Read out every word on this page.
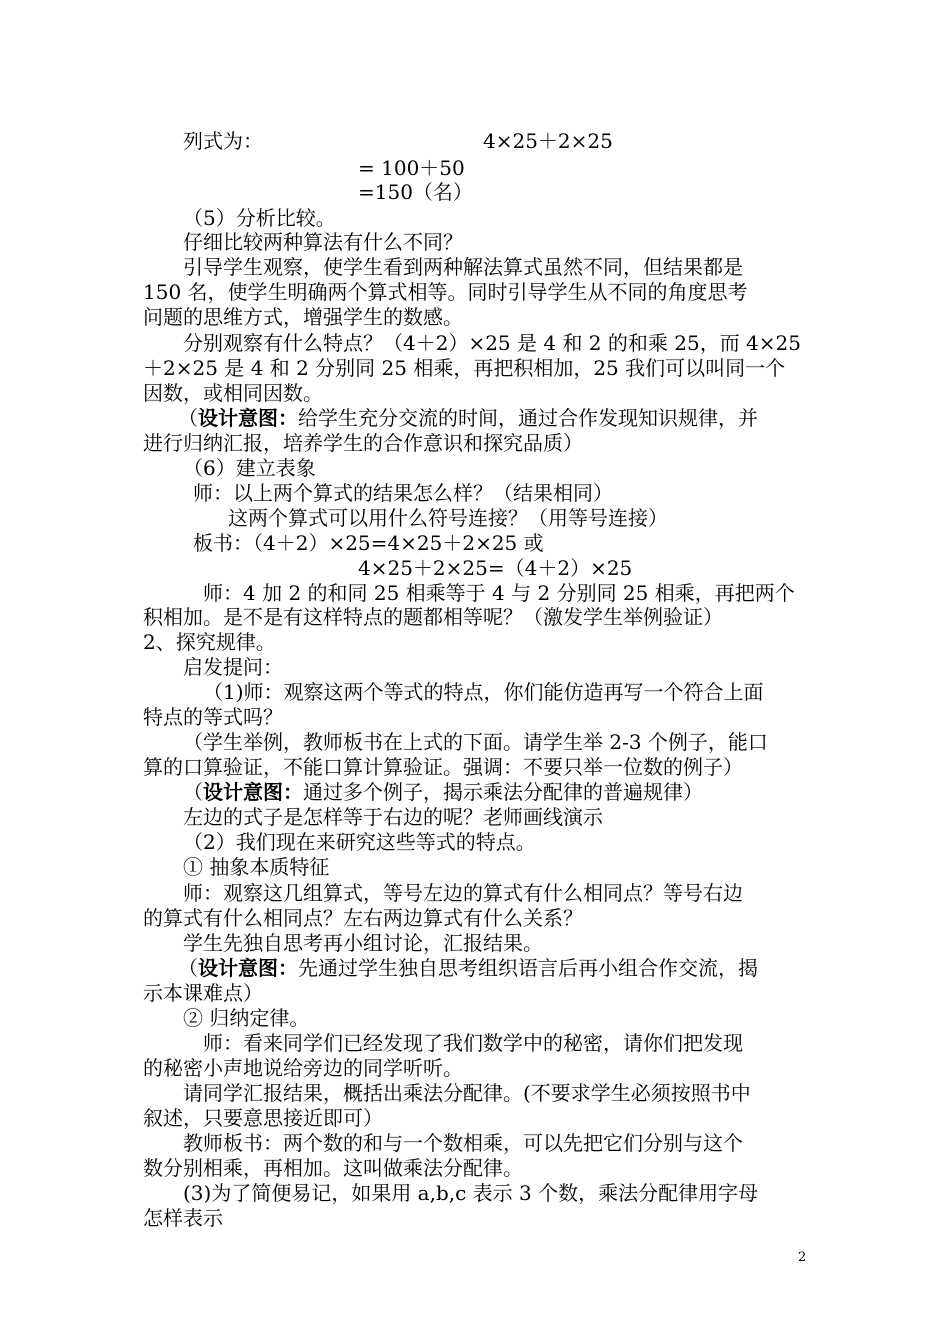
列式为：	4×25＋2×25
= 100＋50
=150（名）
（5）分析比较。
仔细比较两种算法有什么不同？
引导学生观察，使学生看到两种解法算式虽然不同，但结果都是
150 名，使学生明确两个算式相等。同时引导学生从不同的角度思考
问题的思维方式，增强学生的数感。
分别观察有什么特点？（4＋2）×25 是 4 和 2 的和乘 25，而 4×25
＋2×25 是 4 和 2 分别同 25 相乘，再把积相加，25 我们可以叫同一个
因数，或相同因数。
（设计意图：给学生充分交流的时间，通过合作发现知识规律，并
进行归纳汇报，培养学生的合作意识和探究品质）
（6）建立表象
师：以上两个算式的结果怎么样？（结果相同）
这两个算式可以用什么符号连接？（用等号连接）
板书：（4＋2）×25=4×25＋2×25 或
4×25＋2×25=（4＋2）×25
师：4 加 2 的和同 25 相乘等于 4 与 2 分别同 25 相乘，再把两个
积相加。是不是有这样特点的题都相等呢？（激发学生举例验证）
2、探究规律。
启发提问：
（1)师：观察这两个等式的特点，你们能仿造再写一个符合上面
特点的等式吗？
（学生举例，教师板书在上式的下面。请学生举 2-3 个例子，能口
算的口算验证，不能口算计算验证。强调：不要只举一位数的例子）
（设计意图：通过多个例子，揭示乘法分配律的普遍规律）
左边的式子是怎样等于右边的呢？老师画线演示
（2）我们现在来研究这些等式的特点。
① 抽象本质特征
师：观察这几组算式，等号左边的算式有什么相同点？等号右边
的算式有什么相同点？左右两边算式有什么关系？
学生先独自思考再小组讨论，汇报结果。
（设计意图：先通过学生独自思考组织语言后再小组合作交流，揭
示本课难点）
② 归纳定律。
师：看来同学们已经发现了我们数学中的秘密，请你们把发现
的秘密小声地说给旁边的同学听听。
请同学汇报结果，概括出乘法分配律。(不要求学生必须按照书中
叙述，只要意思接近即可）
教师板书：两个数的和与一个数相乘，可以先把它们分别与这个
数分别相乘，再相加。这叫做乘法分配律。
(3)为了简便易记，如果用 a,b,c 表示 3 个数，乘法分配律用字母
怎样表示
2
